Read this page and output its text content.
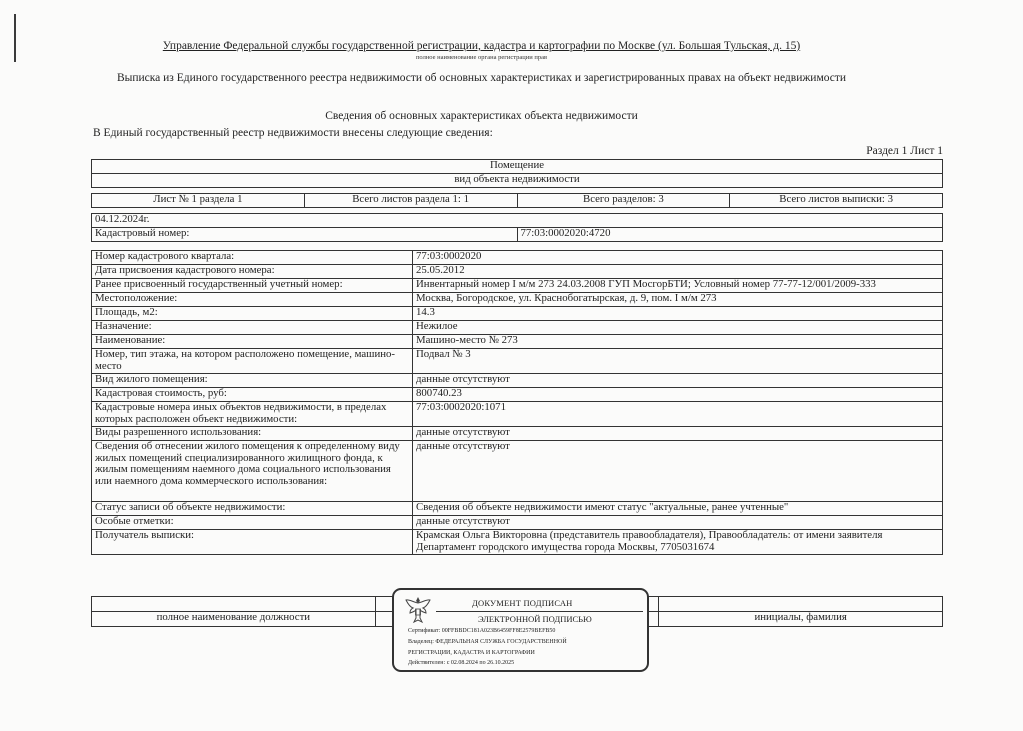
Управление Федеральной службы государственной регистрации, кадастра и картографии по Москве (ул. Большая Тульская, д. 15)
полное наименование органа регистрации прав
Выписка из Единого государственного реестра недвижимости об основных характеристиках и зарегистрированных правах на объект недвижимости
Сведения об основных характеристиках объекта недвижимости
В Единый государственный реестр недвижимости внесены следующие сведения:
Раздел 1 Лист 1
Помещение
вид объекта недвижимости
Лист № 1 раздела 1	Всего листов раздела 1: 1	Всего разделов: 3	Всего листов выписки: 3
04.12.2024г.
Кадастровый номер:	77:03:0002020:4720
Номер кадастрового квартала:	77:03:0002020
Дата присвоения кадастрового номера:	25.05.2012
Ранее присвоенный государственный учетный номер:	Инвентарный номер I м/м 273 24.03.2008 ГУП МосгорБТИ; Условный номер 77-77-12/001/2009-333
Местоположение:	Москва, Богородское, ул. Краснобогатырская, д. 9, пом. I м/м 273
Площадь, м2:	14.3
Назначение:	Нежилое
Наименование:	Машино-место № 273
Номер, тип этажа, на котором расположено помещение, машино-место	Подвал № 3
Вид жилого помещения:	данные отсутствуют
Кадастровая стоимость, руб:	800740.23
Кадастровые номера иных объектов недвижимости, в пределах которых расположен объект недвижимости:	77:03:0002020:1071
Виды разрешенного использования:	данные отсутствуют
Сведения об отнесении жилого помещения к определенному виду жилых помещений специализированного жилищного фонда, к жилым помещениям наемного дома социального использования или наемного дома коммерческого использования:	данные отсутствуют
Статус записи об объекте недвижимости:	Сведения об объекте недвижимости имеют статус "актуальные, ранее учтенные"
Особые отметки:	данные отсутствуют
Получатель выписки:	Крамская Ольга Викторовна (представитель правообладателя), Правообладатель: от имени заявителя Департамент городского имущества города Москвы, 7705031674

полное наименование должности		инициалы, фамилия
ДОКУМЕНТ ПОДПИСАН
ЭЛЕКТРОННОЙ ПОДПИСЬЮ
Сертификат: 00FFBBDC181A023B6459FF8E2579BEFB50
Владелец: ФЕДЕРАЛЬНАЯ СЛУЖБА ГОСУДАРСТВЕННОЙ
РЕГИСТРАЦИИ, КАДАСТРА И КАРТОГРАФИИ
Действителен: с 02.08.2024 по 26.10.2025
